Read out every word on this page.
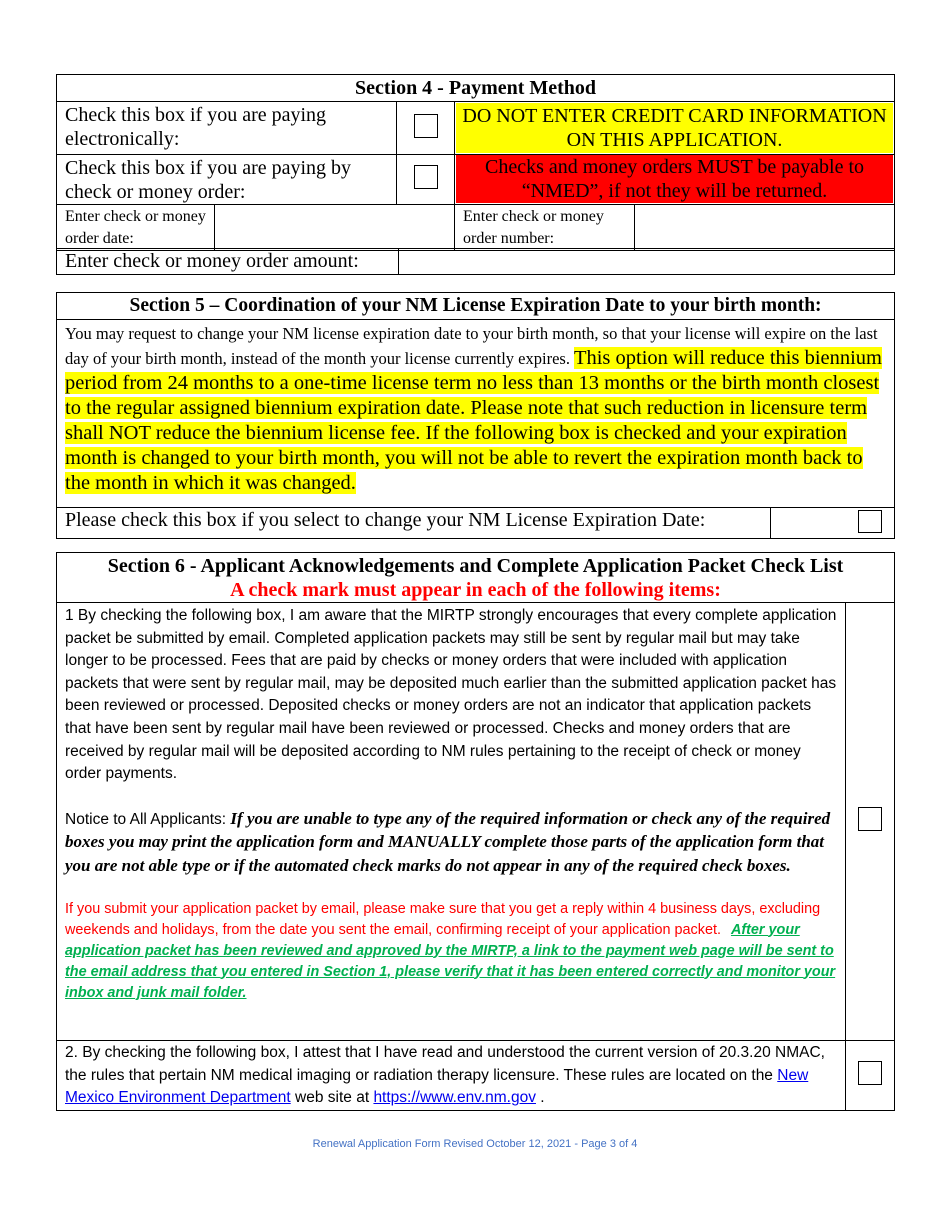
Section 4 - Payment Method				
Check this box if you are paying electronically:			DO NOT ENTER CREDIT CARD INFORMATION ON THIS APPLICATION.	

Check this box if you are paying by check or money order:			Checks and money orders MUST be payable to “NMED”, if not they will be returned.	

Enter check or money order date:			Enter check or money order number:	
Enter check or money order amount:	
Section 5 – Coordination of your NM License Expiration Date to your birth month:
You may request to change your NM license expiration date to your birth month, so that your license will expire on the last day of your birth month, instead of the month your license currently expires. This option will reduce this biennium period from 24 months to a one-time license term no less than 13 months or the birth month closest to the regular assigned biennium expiration date. Please note that such reduction in licensure term shall NOT reduce the biennium license fee. If the following box is checked and your expiration month is changed to your birth month, you will not be able to revert the expiration month back to the month in which it was changed.
Please check this box if you select to change your NM License Expiration Date:	
Section 6 - Applicant Acknowledgements and Complete Application Packet Check List
A check mark must appear in each of the following items:	

1 By checking the following box, I am aware that the MIRTP strongly encourages that every complete application packet be submitted by email. Completed application packets may still be sent by regular mail but may take longer to be processed. Fees that are paid by checks or money orders that were included with application packets that were sent by regular mail, may be deposited much earlier than the submitted application packet has been reviewed or processed. Deposited checks or money orders are not an indicator that application packets that have been sent by regular mail have been reviewed or processed. Checks and money orders that are received by regular mail will be deposited according to NM rules pertaining to the receipt of check or money order payments.
Notice to All Applicants: If you are unable to type any of the required information or check any of the required boxes you may print the application form and MANUALLY complete those parts of the application form that you are not able type or if the automated check marks do not appear in any of the required check boxes.
If you submit your application packet by email, please make sure that you get a reply within 4 business days, excluding weekends and holidays, from the date you sent the email, confirming receipt of your application packet. After your application packet has been reviewed and approved by the MIRTP, a link to the payment web page will be sent to the email address that you entered in Section 1, please verify that it has been entered correctly and monitor your inbox and junk mail folder.	

2. By checking the following box, I attest that I have read and understood the current version of 20.3.20 NMAC, the rules that pertain NM medical imaging or radiation therapy licensure. These rules are located on the New Mexico Environment Department web site at https://www.env.nm.gov .	
Renewal Application Form Revised October 12, 2021 - Page 3 of 4
